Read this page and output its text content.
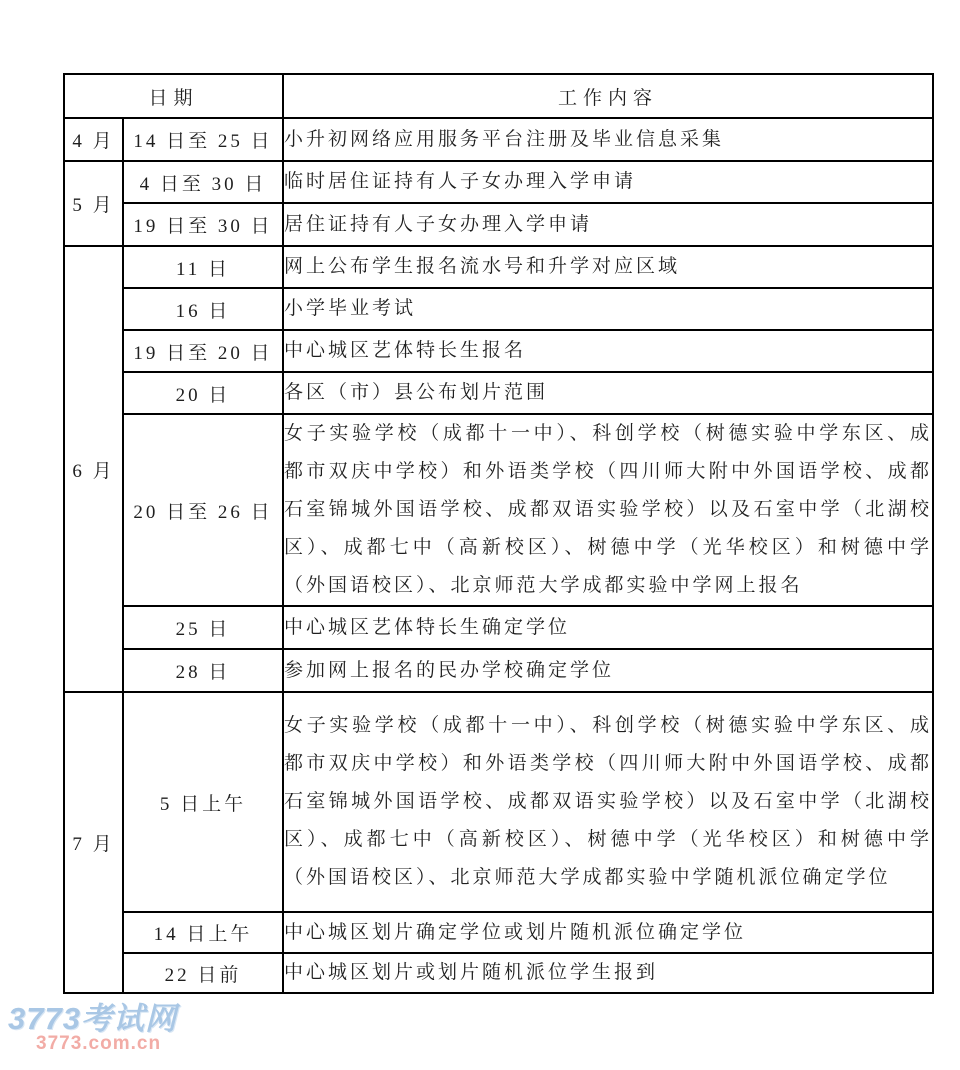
日期		工作内容
4 月	14 日至 25 日	小升初网络应用服务平台注册及毕业信息采集
5 月	4 日至 30 日	临时居住证持有人子女办理入学申请
	19 日至 30 日	居住证持有人子女办理入学申请
6 月	11 日	网上公布学生报名流水号和升学对应区域
	16 日	小学毕业考试
	19 日至 20 日	中心城区艺体特长生报名
	20 日	各区（市）县公布划片范围
	20 日至 26 日	女子实验学校（成都十一中）、科创学校（树德实验中学东区、成都市双庆中学校）和外语类学校（四川师大附中外国语学校、成都石室锦城外国语学校、成都双语实验学校）以及石室中学（北湖校区）、成都七中（高新校区）、树德中学（光华校区）和树德中学（外国语校区）、北京师范大学成都实验中学网上报名
	25 日	中心城区艺体特长生确定学位
	28 日	参加网上报名的民办学校确定学位
7 月	5 日上午	女子实验学校（成都十一中）、科创学校（树德实验中学东区、成都市双庆中学校）和外语类学校（四川师大附中外国语学校、成都石室锦城外国语学校、成都双语实验学校）以及石室中学（北湖校区）、成都七中（高新校区）、树德中学（光华校区）和树德中学（外国语校区）、北京师范大学成都实验中学随机派位确定学位
	14 日上午	中心城区划片确定学位或划片随机派位确定学位
	22 日前	中心城区划片或划片随机派位学生报到
3773考试网
3773.com.cn
